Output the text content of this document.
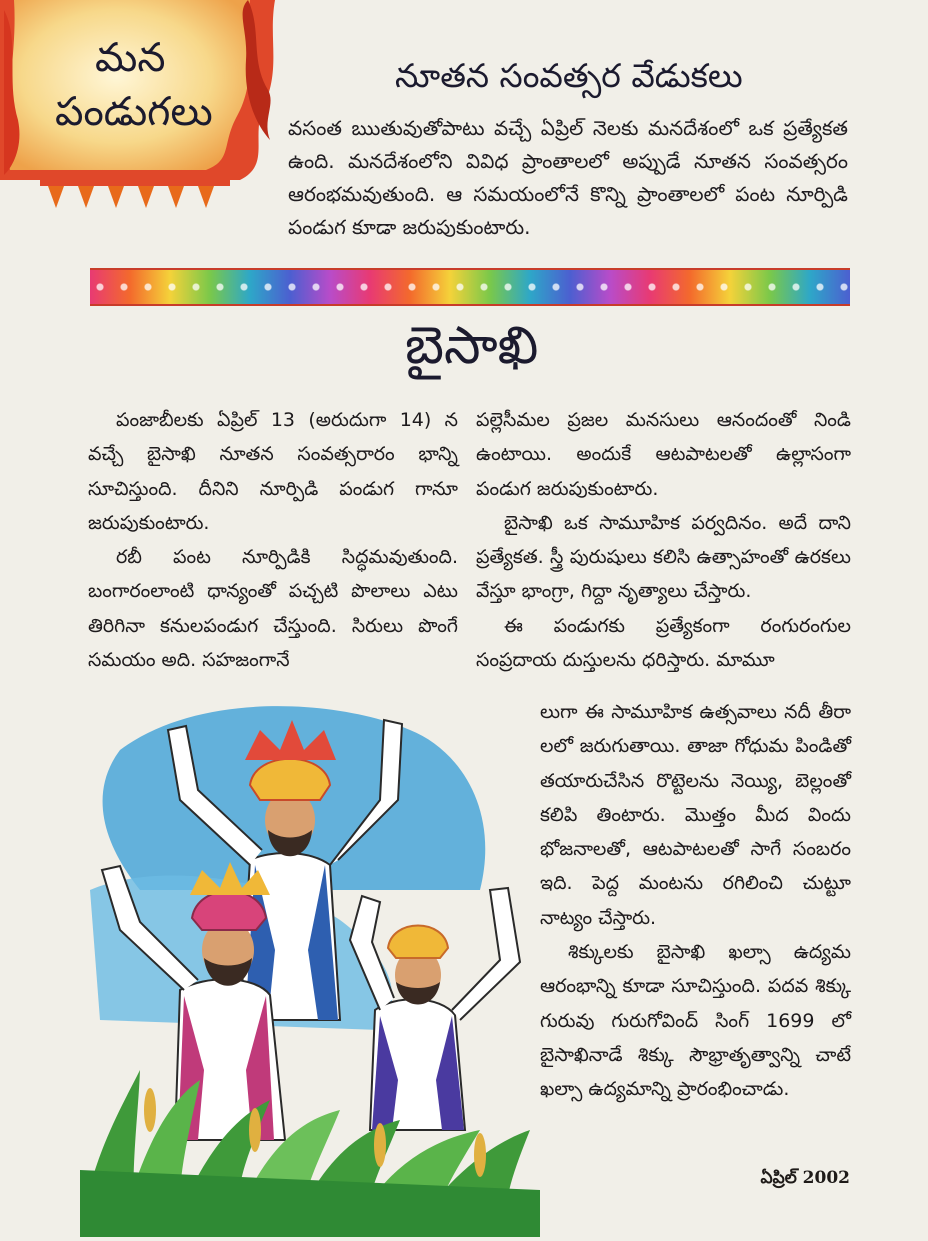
మన
పండుగలు
నూతన సంవత్సర వేడుకలు

వసంత ఋతువుతోపాటు వచ్చే ఏప్రిల్ నెలకు మనదేశంలో ఒక ప్రత్యేకత ఉంది. మనదేశంలోని వివిధ ప్రాంతాలలో అప్పుడే నూతన సంవత్సరం ఆరంభమవుతుంది. ఆ సమయంలోనే కొన్ని ప్రాంతాలలో పంట నూర్పిడి పండుగ కూడా జరుపుకుంటారు.

బైసాఖి

పంజాబీలకు ఏప్రిల్ 13 (అరుదుగా 14) న వచ్చే బైసాఖి నూతన సంవత్సరారం భాన్ని సూచిస్తుంది. దీనిని నూర్పిడి పండుగ గానూ జరుపుకుంటారు.

రబీ పంట నూర్పిడికి సిద్ధమవుతుంది. బంగారంలాంటి ధాన్యంతో పచ్చటి పొలాలు ఎటు తిరిగినా కనులపండుగ చేస్తుంది. సిరులు పొంగే సమయం అది. సహజంగానే

పల్లెసీమల ప్రజల మనసులు ఆనందంతో నిండి ఉంటాయి. అందుకే ఆటపాటలతో ఉల్లాసంగా పండుగ జరుపుకుంటారు.

బైసాఖి ఒక సామూహిక పర్వదినం. అదే దాని ప్రత్యేకత. స్త్రీ పురుషులు కలిసి ఉత్సాహంతో ఉరకలు వేస్తూ భాంగ్రా, గిద్దా నృత్యాలు చేస్తారు.

ఈ పండుగకు ప్రత్యేకంగా రంగురంగుల సంప్రదాయ దుస్తులను ధరిస్తారు. మామూ

లుగా ఈ సామూహిక ఉత్సవాలు నదీ తీరా లలో జరుగుతాయి. తాజా గోధుమ పిండితో తయారుచేసిన రొట్టెలను నెయ్యి, బెల్లంతో కలిపి తింటారు. మొత్తం మీద విందు భోజనాలతో, ఆటపాటలతో సాగే సంబరం ఇది. పెద్ద మంటను రగిలించి చుట్టూ నాట్యం చేస్తారు.

శిక్కులకు బైసాఖి ఖల్సా ఉద్యమ ఆరంభాన్ని కూడా సూచిస్తుంది. పదవ శిక్కు గురువు గురుగోవింద్ సింగ్ 1699 లో బైసాఖినాడే శిక్కు సౌభ్రాతృత్వాన్ని చాటే ఖల్సా ఉద్యమాన్ని ప్రారంభించాడు.

ఏప్రిల్ 2002
